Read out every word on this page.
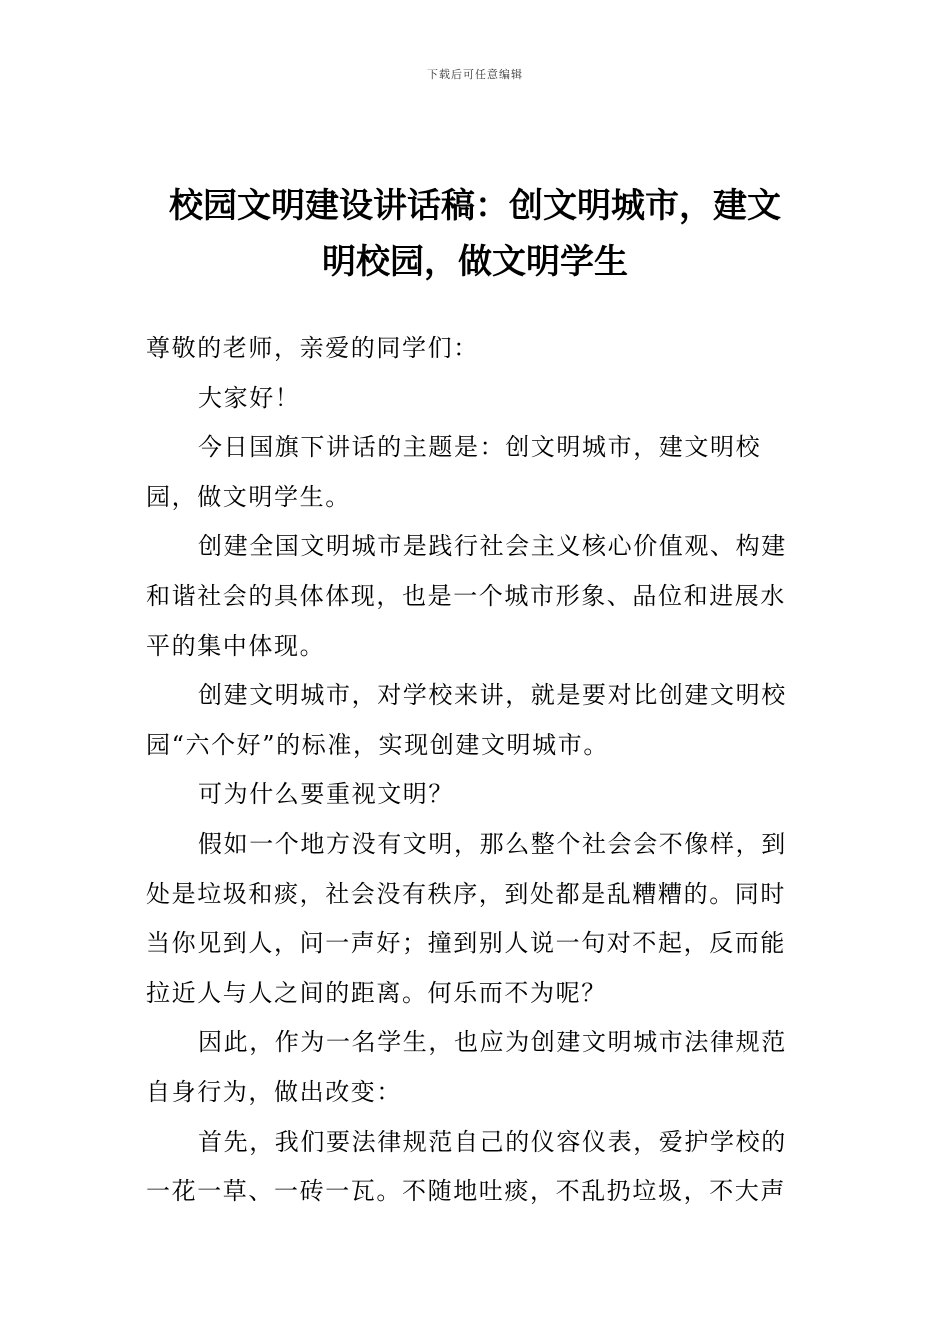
下载后可任意编辑
校园文明建设讲话稿：创文明城市，建文
明校园，做文明学生

尊敬的老师，亲爱的同学们：

大家好！

今日国旗下讲话的主题是：创文明城市，建文明校园，做文明学生。

创建全国文明城市是践行社会主义核心价值观、构建和谐社会的具体体现，也是一个城市形象、品位和进展水平的集中体现。

创建文明城市，对学校来讲，就是要对比创建文明校园“六个好”的标准，实现创建文明城市。

可为什么要重视文明？

假如一个地方没有文明，那么整个社会会不像样，到处是垃圾和痰，社会没有秩序，到处都是乱糟糟的。同时当你见到人，问一声好；撞到别人说一句对不起，反而能拉近人与人之间的距离。何乐而不为呢？

因此，作为一名学生，也应为创建文明城市法律规范自身行为，做出改变：

首先，我们要法律规范自己的仪容仪表，爱护学校的一花一草、一砖一瓦。不随地吐痰，不乱扔垃圾，不大声
